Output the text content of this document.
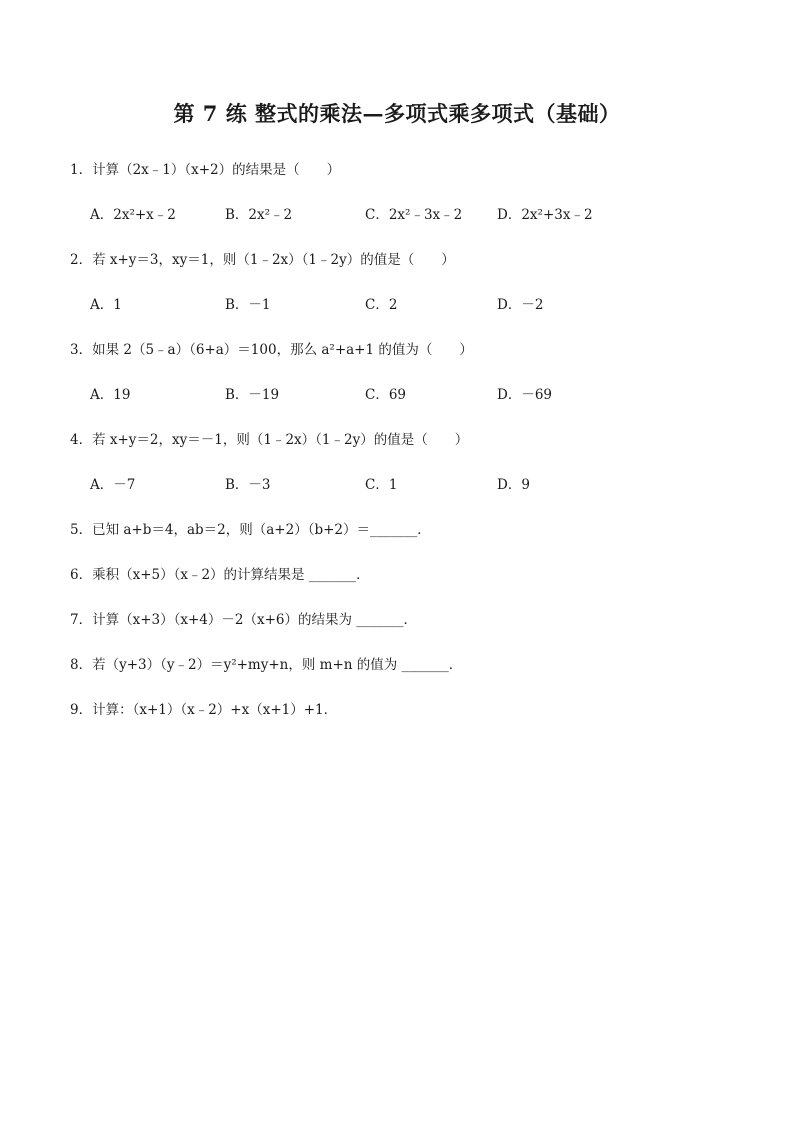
第 7 练 整式的乘法—多项式乘多项式（基础）
1．计算（2x﹣1）（x+2）的结果是（　　）
A．2x²+x﹣2	B．2x²﹣2	C．2x²﹣3x﹣2	D．2x²+3x﹣2
2．若 x+y＝3，xy＝1，则（1﹣2x）（1﹣2y）的值是（　　）
A．1	B．－1	C．2	D．－2
3．如果 2（5﹣a）（6+a）＝100，那么 a²+a+1 的值为（　　）
A．19	B．－19	C．69	D．－69
4．若 x+y＝2，xy＝－1，则（1﹣2x）（1﹣2y）的值是（　　）
A．－7	B．－3	C．1	D．9
5．已知 a+b＝4，ab＝2，则（a+2）（b+2）＝_______．
6．乘积（x+5）（x﹣2）的计算结果是 _______．
7．计算（x+3）（x+4）－2（x+6）的结果为 _______．
8．若（y+3）（y﹣2）＝y²+my+n，则 m+n 的值为 _______．
9．计算：（x+1）（x﹣2）+x（x+1）+1．
